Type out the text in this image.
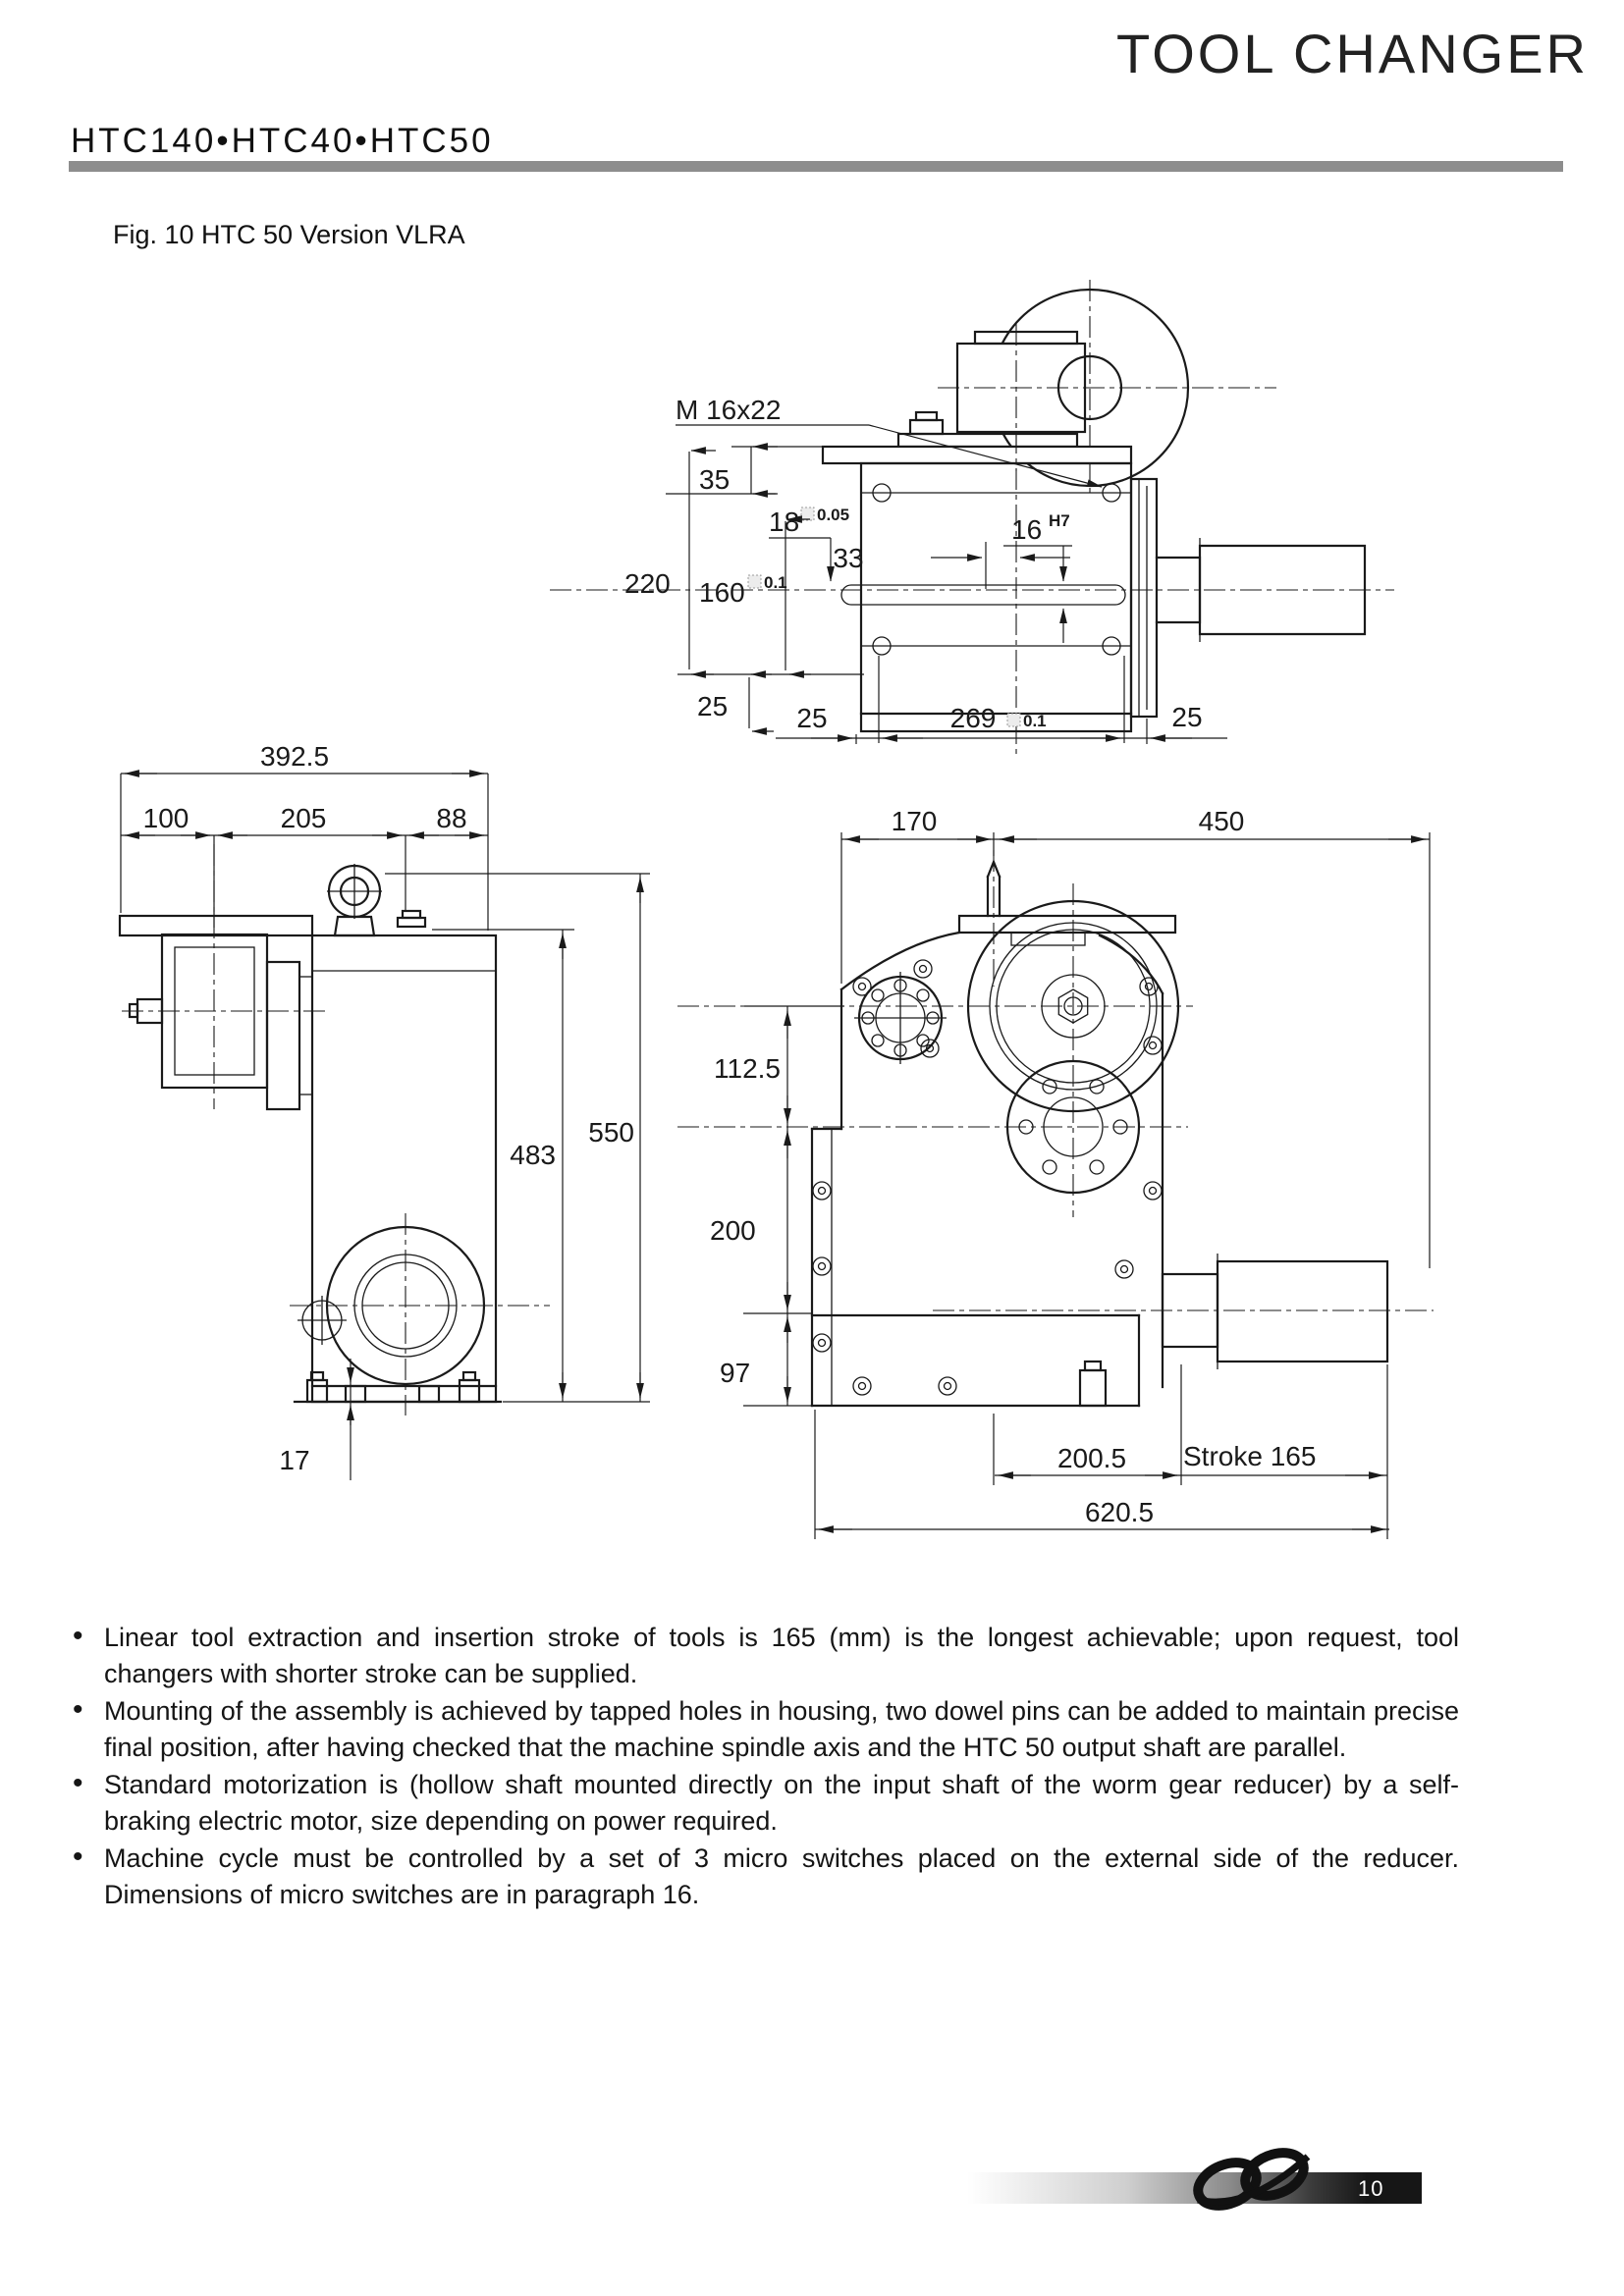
TOOL CHANGER
HTC140•HTC40•HTC50
Fig. 10 HTC 50 Version VLRA
M 16x22
35
18 0.05
220 160 0.1
25
33
16 H7
25	269 0.1	25
392.5
100	205	88
550
483
17
170	450
112.5
200
97
200.5 Stroke 165
620.5
• Linear tool extraction and insertion stroke of tools is 165 (mm) is the longest achievable; upon request, tool changers with shorter stroke can be supplied.
• Mounting of the assembly is achieved by tapped holes in housing, two dowel pins can be added to maintain precise final position, after having checked that the machine spindle axis and the HTC 50 output shaft are parallel.
• Standard motorization is (hollow shaft mounted directly on the input shaft of the worm gear reducer) by a self-braking electric motor, size depending on power required.
• Machine cycle must be controlled by a set of 3 micro switches placed on the external side of the reducer. Dimensions of micro switches are in paragraph 16.
10
